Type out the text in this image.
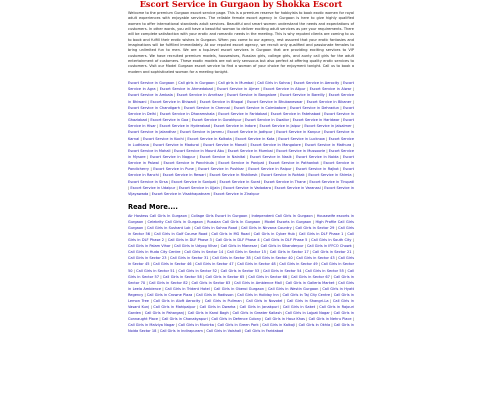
Escort Service in Gurgaon by Shokka Escort

Welcome to the premium Gurgaon escort service page. This is a premium reserve for hobbyists to book exotic women for royal adult experiences with enjoyable services. The reliable female escort agency in Gurgaon is here to give highly qualified women to offer international standards adult services. Beautiful and smart women understand the needs and expectations of customers. In other words, you will have a beautiful woman to deliver exciting adult services as per your requirements. There will be complete satisfaction with your erotic and romantic needs in the meeting. This is why reputed clients are coming to us to book and fulfill their erotic wishes in Gurgaon. When you come to our agency, rest assured that your erotic fantasies and imaginations will be fulfilled immediately. At our reputed escort agency, we recruit only qualified and passionate females to bring unlimited fun to men. We are a top-level escort services in Gurgaon that are providing exciting services to VIP customers. We have recruited premium models, housewives, Russian girls, college girls, and aunty call girls for the adult entertainment of customers. These exotic models are not only sensuous but also perfect at offering quality erotic services to customers. Visit our Model Gurgaon escort service to find a woman of your choice for enjoyment tonight. Call us to book a modern and sophisticated woman for a meeting tonight.

Escort Service in Gurgaon | Call girls in Gurgaon | Call girls in Mumbai | Call Girls in Sohna | Escort Service in Aerocity | Escort Service in Agra | Escort Service in Ahmedabad | Escort Service in Ajmer | Escort Service in Alipur | Escort Service in Alwar | Escort Service in Ambala | Escort Service in Amritsar | Escort Service in Bangalore | Escort Service in Bareilly | Escort Service in Bhiwani | Escort Service in Bhiwadi | Escort Service in Bhopal | Escort Service in Bhubaneswar | Escort Service in Bikaner | Escort Service in Chandigarh | Escort Service in Chennai | Escort Service in Coimbatore | Escort Service in Dehradun | Escort Service in Delhi | Escort Service in Dharamshala | Escort Service in Faridabad | Escort Service in Fatehabad | Escort Service in Ghaziabad | Escort Service in Goa | Escort Service in Gorakhpur | Escort Service in Gwalior | Escort Service in Haridwar | Escort Service in Hisar | Escort Service in Hyderabad | Escort Service in Indore | Escort Service in Jaipur | Escort Service in Jaisalmer | Escort Service in Jalandhar | Escort Service in Jammu | Escort Service in Jodhpur | Escort Service in Kanpur | Escort Service in Karnal | Escort Service in Kochi | Escort Service in Kolkata | Escort Service in Kota | Escort Service in Lucknow | Escort Service in Ludhiana | Escort Service in Madurai | Escort Service in Manali | Escort Service in Mangalore | Escort Service in Mathura | Escort Service in Mohali | Escort Service in Mount Abu | Escort Service in Mumbai | Escort Service in Mussoorie | Escort Service in Mysore | Escort Service in Nagpur | Escort Service in Nainital | Escort Service in Nasik | Escort Service in Noida | Escort Service in Palwal | Escort Service in Panchkula | Escort Service in Panipat | Escort Service in Pathankot | Escort Service in Pondicherry | Escort Service in Pune | Escort Service in Pushkar | Escort Service in Raipur | Escort Service in Rajkot | Escort Service in Ranchi | Escort Service in Rewari | Escort Service in Rishikesh | Escort Service in Rohtak | Escort Service in Shimla | Escort Service in Sirsa | Escort Service in Sonipat | Escort Service in Surat | Escort Service in Thane | Escort Service in Tirupati | Escort Service in Udaipur | Escort Service in Ujjain | Escort Service in Vadodara | Escort Service in Varanasi | Escort Service in Vijayawada | Escort Service in Visakhapatnam | Escort Service in Zirakpur
Read More....
Air Hostess Call Girls In Gurgaon | Collage Girls Escort In Gurgaon | Independent Call Girls In Gurgaon | Housewife escorts in Gurgaon | Celebrity Call Girls in Gurgaon | Russian Call Girls In Gurgaon | Model Escorts In Gurgaon | High Profile Call Girls Gurgaon | Call Girls in Sushant Lok | Call Girls in Sohna Road | Call Girls in Nirvana Country | Call Girls in Sector 29 | Call Girls in Sector 56 | Call Girls in Golf Course Road | Call Girls in MG Road | Call Girls in Cyber Hub | Call Girls in DLF Phase 1 | Call Girls in DLF Phase 2 | Call Girls in DLF Phase 3 | Call Girls in DLF Phase 4 | Call Girls in DLF Phase 5 | Call Girls in South City | Call Girls in Palam Vihar | Call Girls in Udyog Vihar | Call Girls in Manesar | Call Girls in Sikanderpur | Call Girls in IFFCO Chowk | Call Girls in Huda City Centre | Call Girls in Sector 14 | Call Girls in Sector 15 | Call Girls in Sector 17 | Call Girls in Sector 21 | Call Girls in Sector 23 | Call Girls in Sector 31 | Call Girls in Sector 38 | Call Girls in Sector 40 | Call Girls in Sector 43 | Call Girls in Sector 45 | Call Girls in Sector 46 | Call Girls in Sector 47 | Call Girls in Sector 48 | Call Girls in Sector 49 | Call Girls in Sector 50 | Call Girls in Sector 51 | Call Girls in Sector 52 | Call Girls in Sector 53 | Call Girls in Sector 54 | Call Girls in Sector 55 | Call Girls in Sector 57 | Call Girls in Sector 58 | Call Girls in Sector 65 | Call Girls in Sector 66 | Call Girls in Sector 67 | Call Girls in Sector 70 | Call Girls in Sector 82 | Call Girls in Sector 83 | Call Girls in Ambience Mall | Call Girls in Galleria Market | Call Girls in Leela Ambience | Call Girls in Trident Hotel | Call Girls in Oberoi Gurgaon | Call Girls in Westin Gurgaon | Call Girls in Hyatt Regency | Call Girls in Crowne Plaza | Call Girls in Radisson | Call Girls in Holiday Inn | Call Girls in Taj City Centre | Call Girls in Lemon Tree | Call Girls in Aloft Aerocity | Call Girls in Pullman | Call Girls in Novotel | Call Girls in Shangri-La | Call Girls in Vasant Kunj | Call Girls in Mahipalpur | Call Girls in Dwarka | Call Girls in Janakpuri | Call Girls in Saket | Call Girls in Rajouri Garden | Call Girls in Paharganj | Call Girls in Karol Bagh | Call Girls in Greater Kailash | Call Girls in Lajpat Nagar | Call Girls in Connaught Place | Call Girls in Chanakyapuri | Call Girls in Defence Colony | Call Girls in Hauz Khas | Call Girls in Nehru Place | Call Girls in Malviya Nagar | Call Girls in Munirka | Call Girls in Green Park | Call Girls in Kalkaji | Call Girls in Okhla | Call Girls in Noida Sector 18 | Call Girls in Indirapuram | Call Girls in Vaishali | Call Girls in Faridabad
